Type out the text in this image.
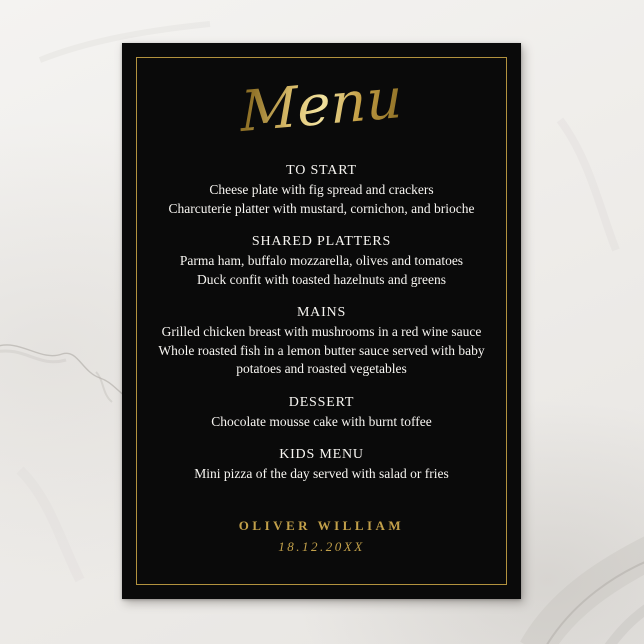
Menu
TO START
Cheese plate with fig spread and crackers
Charcuterie platter with mustard, cornichon, and brioche
SHARED PLATTERS
Parma ham, buffalo mozzarella, olives and tomatoes
Duck confit with toasted hazelnuts and greens
MAINS
Grilled chicken breast with mushrooms in a red wine sauce
Whole roasted fish in a lemon butter sauce served with baby
potatoes and roasted vegetables
DESSERT
Chocolate mousse cake with burnt toffee
KIDS MENU
Mini pizza of the day served with salad or fries
OLIVER WILLIAM
18.12.20XX
